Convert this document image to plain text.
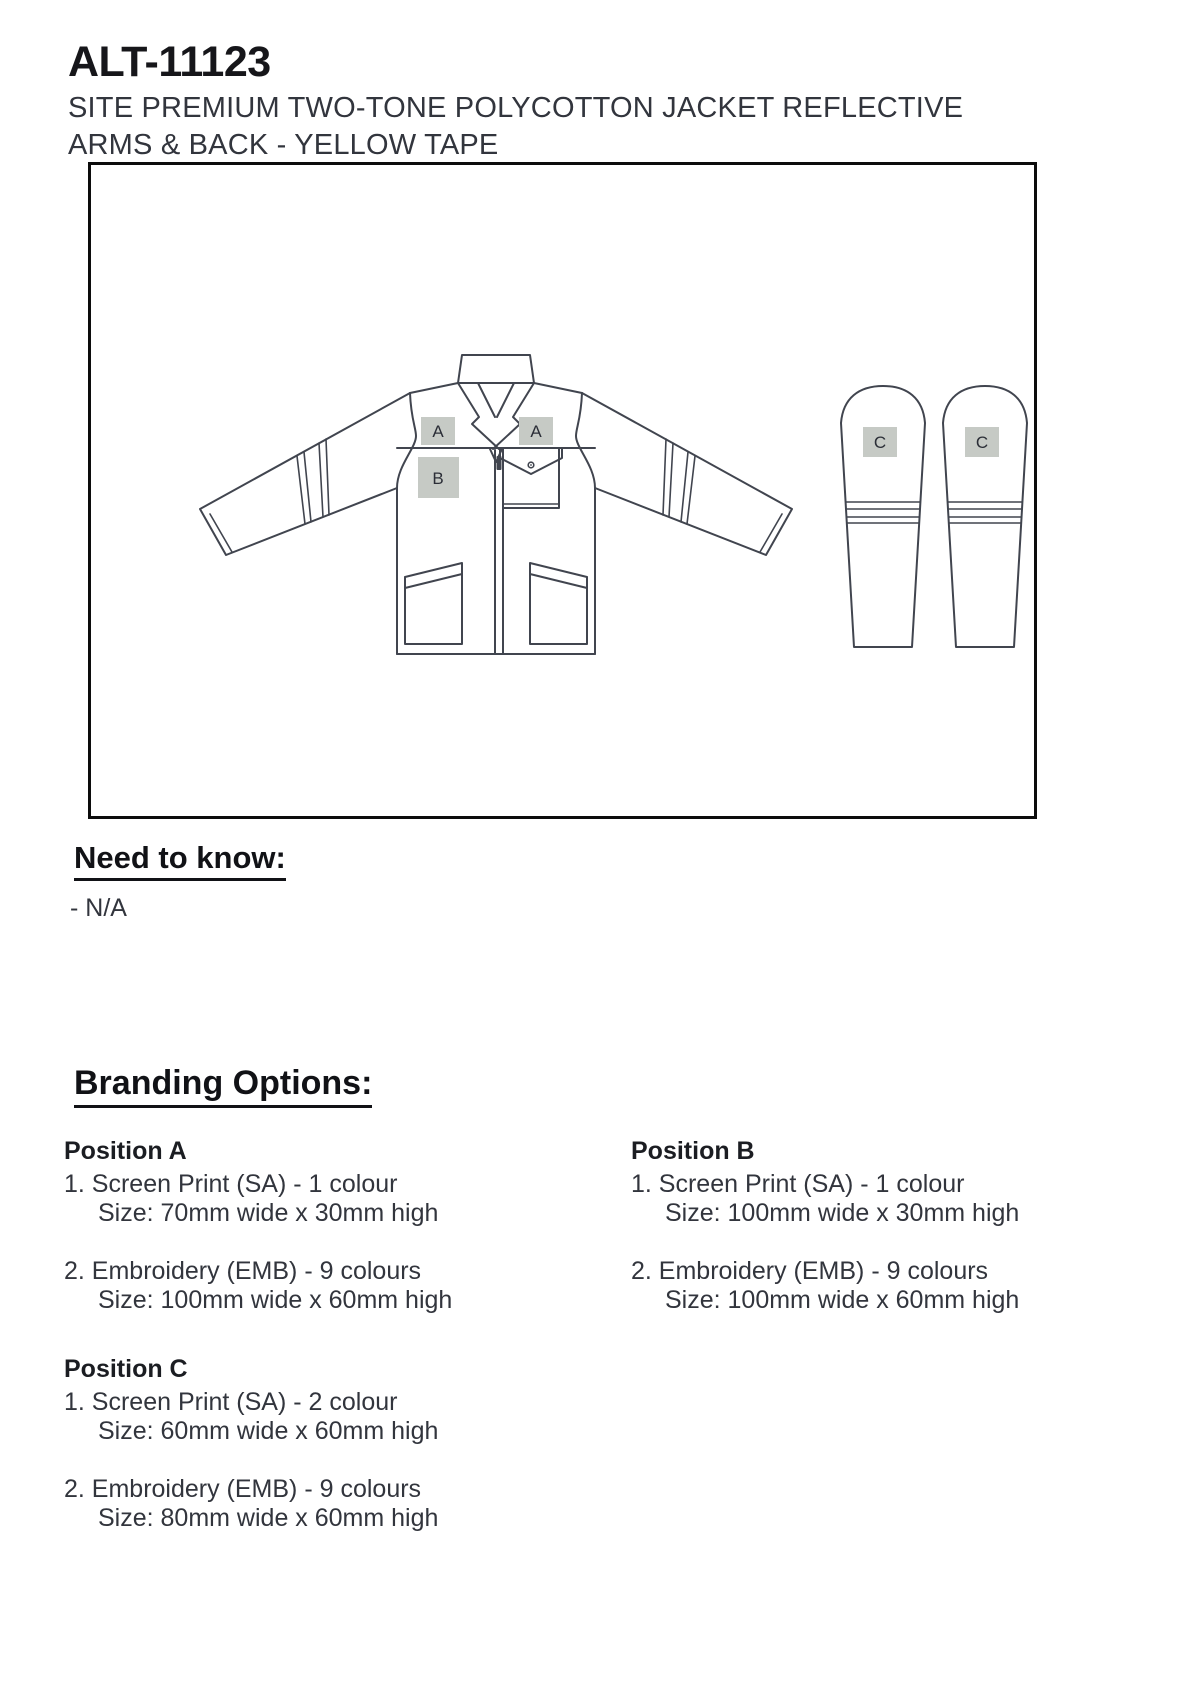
ALT-11123
SITE PREMIUM TWO-TONE POLYCOTTON JACKET REFLECTIVE
ARMS & BACK - YELLOW TAPE
A	A
B
C	C
Need to know:

- N/A

Branding Options:
Position A
1. Screen Print (SA) - 1 colour
Size: 70mm wide x 30mm high
2. Embroidery (EMB) - 9 colours
Size: 100mm wide x 60mm high
Position B
1. Screen Print (SA) - 1 colour
Size: 100mm wide x 30mm high
2. Embroidery (EMB) - 9 colours
Size: 100mm wide x 60mm high
Position C
1. Screen Print (SA) - 2 colour
Size: 60mm wide x 60mm high
2. Embroidery (EMB) - 9 colours
Size: 80mm wide x 60mm high
